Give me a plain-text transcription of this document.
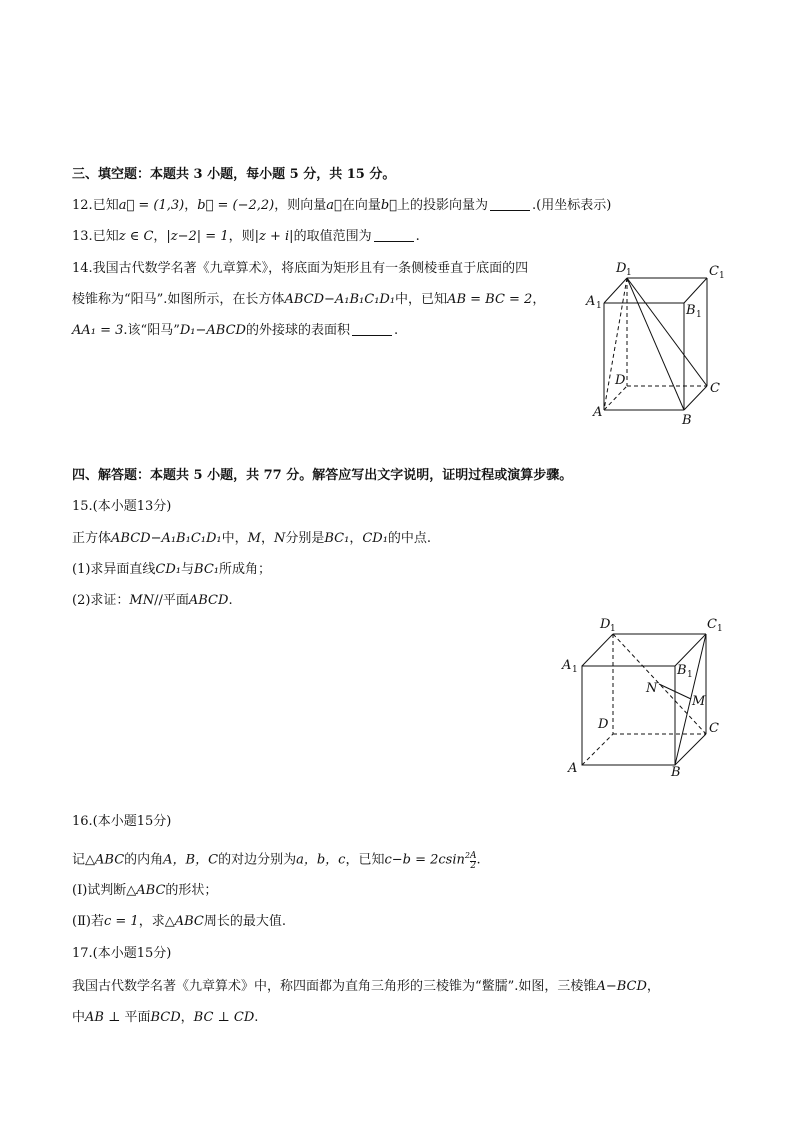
三、填空题：本题共 3 小题，每小题 5 分，共 15 分。
12.已知a⃗ = (1,3)，b⃗ = (−2,2)，则向量a⃗在向量b⃗上的投影向量为	.(用坐标表示)
13.已知z ∈ C，|z−2| = 1，则|z + i|的取值范围为	.
14.我国古代数学名著《九章算术》，将底面为矩形且有一条侧棱垂直于底面的四
棱锥称为“阳马”.如图所示，在长方体ABCD−A₁B₁C₁D₁中，已知AB = BC = 2，
AA₁ = 3.该“阳马”D₁−ABCD的外接球的表面积	.
D 1	C 1
A 1	B 1
D
C
A
B
四、解答题：本题共 5 小题，共 77 分。解答应写出文字说明，证明过程或演算步骤。
15.(本小题13分)
正方体ABCD−A₁B₁C₁D₁中，M，N分别是BC₁，CD₁的中点.
(1)求异面直线CD₁与BC₁所成角；
(2)求证：MN//平面ABCD.
D 1	C 1
A 1	B 1
N
M
D	C
A	B
16.(本小题15分)
记△ABC的内角A，B，C的对边分别为a，b，c，已知$c-b = 2csin^2 \frac{A}{2}$ .
(Ⅰ)试判断△ABC的形状；
(Ⅱ)若c = 1，求△ABC周长的最大值.
17.(本小题15分)
我国古代数学名著《九章算术》中，称四面都为直角三角形的三棱锥为“鳖臑”.如图，三棱锥A−BCD，
中AB ⊥ 平面BCD，BC ⊥ CD.
